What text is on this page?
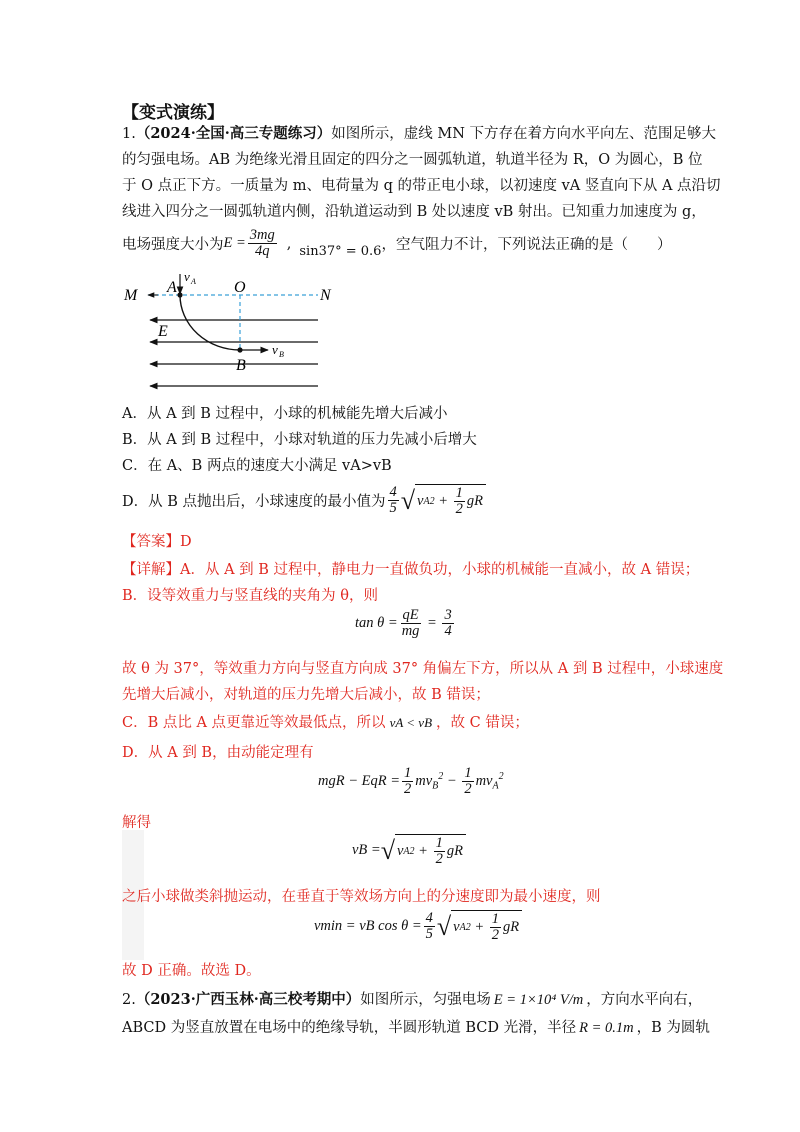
【变式演练】
1.（2024·全国·高三专题练习）如图所示，虚线 MN 下方存在着方向水平向左、范围足够大
的匀强电场。AB 为绝缘光滑且固定的四分之一圆弧轨道，轨道半径为 R，O 为圆心，B 位
于 O 点正下方。一质量为 m、电荷量为 q 的带正电小球，以初速度 vA 竖直向下从 A 点沿切
线进入四分之一圆弧轨道内侧，沿轨道运动到 B 处以速度 vB 射出。已知重力加速度为 g，
电场强度大小为 $E = \frac{3mg}{4q}$ , sin37° = 0.6 ，空气阻力不计，下列说法正确的是（　　）
M	N
A	O
B
E
v A
v B
A．从 A 到 B 过程中，小球的机械能先增大后减小
B．从 A 到 B 过程中，小球对轨道的压力先减小后增大
C．在 A、B 两点的速度大小满足 vA>vB
D．从 B 点抛出后，小球速度的最小值为 $\frac{4}{5}$ √ v A $2 + \frac{1}{2}$ gR
【答案】D
【详解】A．从 A 到 B 过程中，静电力一直做负功，小球的机械能一直减小，故 A 错误；
B．设等效重力与竖直线的夹角为 θ，则
$\tan \theta = \frac{qE}{mg} = \frac{3}{4}$
故 θ 为 37°，等效重力方向与竖直方向成 37° 角偏左下方，所以从 A 到 B 过程中，小球速度
先增大后减小，对轨道的压力先增大后减小，故 B 错误；
C．B 点比 A 点更靠近等效最低点，所以 vA < vB ，故 C 错误；
D．从 A 到 B，由动能定理有
mgR − EqR = $\frac{1}{2} mv_B^2 - \frac{1}{2} mv_A^2$
解得
vB = √ v A $2 + \frac{1}{2}$ gR
之后小球做类斜抛运动，在垂直于等效场方向上的分速度即为最小速度，则
vmin = vB $\cos \theta = \frac{4}{5}$ √ v A $2 + \frac{1}{2}$ gR
故 D 正确。故选 D。
2.（2023·广西玉林·高三校考期中）如图所示，匀强电场 E = 1×10⁴ V/m ，方向水平向右，
ABCD 为竖直放置在电场中的绝缘导轨，半圆形轨道 BCD 光滑，半径 R = 0.1m ，B 为圆轨
